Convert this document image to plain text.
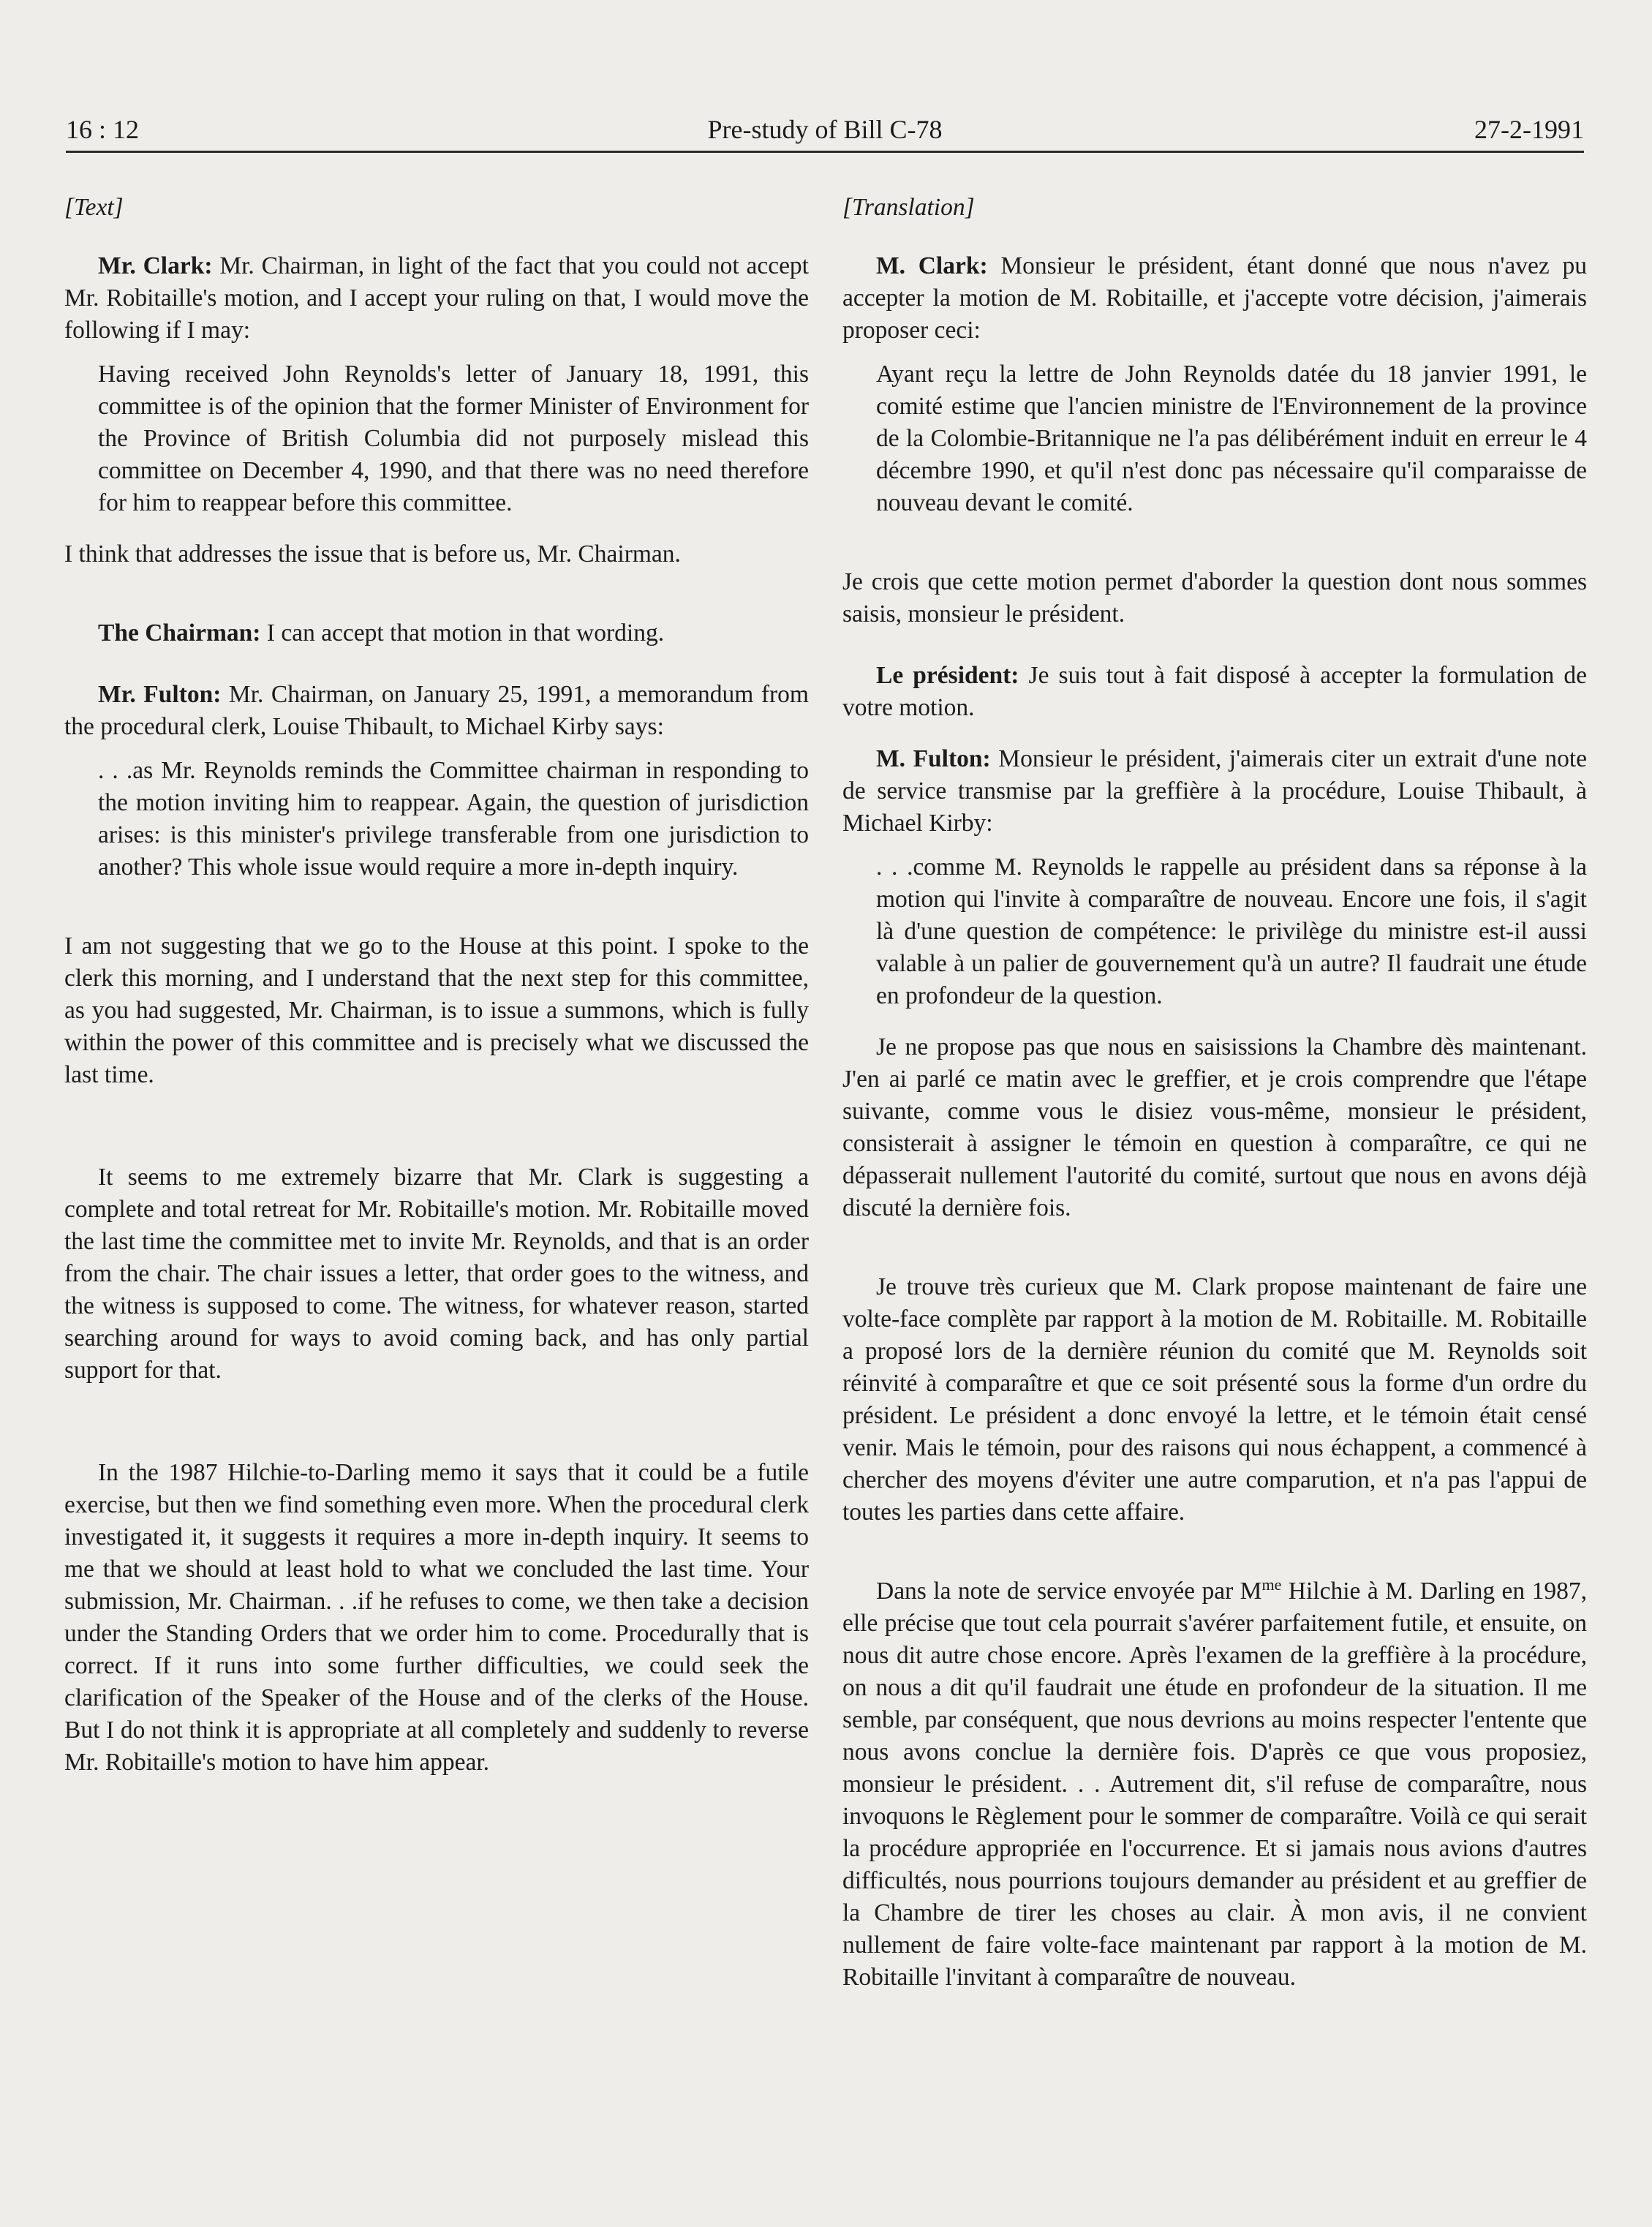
16 : 12	Pre-study of Bill C-78	27-2-1991
[Text]

Mr. Clark: Mr. Chairman, in light of the fact that you could not accept Mr. Robitaille's motion, and I accept your ruling on that, I would move the following if I may:

Having received John Reynolds's letter of January 18, 1991, this committee is of the opinion that the former Minister of Environment for the Province of British Columbia did not purposely mislead this committee on December 4, 1990, and that there was no need therefore for him to reappear before this committee.

I think that addresses the issue that is before us, Mr. Chairman.

The Chairman: I can accept that motion in that wording.

Mr. Fulton: Mr. Chairman, on January 25, 1991, a memorandum from the procedural clerk, Louise Thibault, to Michael Kirby says:

. . .as Mr. Reynolds reminds the Committee chairman in responding to the motion inviting him to reappear. Again, the question of jurisdiction arises: is this minister's privilege transferable from one jurisdiction to another? This whole issue would require a more in-depth inquiry.

I am not suggesting that we go to the House at this point. I spoke to the clerk this morning, and I understand that the next step for this committee, as you had suggested, Mr. Chairman, is to issue a summons, which is fully within the power of this committee and is precisely what we discussed the last time.

It seems to me extremely bizarre that Mr. Clark is suggesting a complete and total retreat for Mr. Robitaille's motion. Mr. Robitaille moved the last time the committee met to invite Mr. Reynolds, and that is an order from the chair. The chair issues a letter, that order goes to the witness, and the witness is supposed to come. The witness, for whatever reason, started searching around for ways to avoid coming back, and has only partial support for that.

In the 1987 Hilchie-to-Darling memo it says that it could be a futile exercise, but then we find something even more. When the procedural clerk investigated it, it suggests it requires a more in-depth inquiry. It seems to me that we should at least hold to what we concluded the last time. Your submission, Mr. Chairman. . .if he refuses to come, we then take a decision under the Standing Orders that we order him to come. Procedurally that is correct. If it runs into some further difficulties, we could seek the clarification of the Speaker of the House and of the clerks of the House. But I do not think it is appropriate at all completely and suddenly to reverse Mr. Robitaille's motion to have him appear.

[Translation]

M. Clark: Monsieur le président, étant donné que nous n'avez pu accepter la motion de M. Robitaille, et j'accepte votre décision, j'aimerais proposer ceci:

Ayant reçu la lettre de John Reynolds datée du 18 janvier 1991, le comité estime que l'ancien ministre de l'Environnement de la province de la Colombie-Britannique ne l'a pas délibérément induit en erreur le 4 décembre 1990, et qu'il n'est donc pas nécessaire qu'il comparaisse de nouveau devant le comité.

Je crois que cette motion permet d'aborder la question dont nous sommes saisis, monsieur le président.

Le président: Je suis tout à fait disposé à accepter la formulation de votre motion.

M. Fulton: Monsieur le président, j'aimerais citer un extrait d'une note de service transmise par la greffière à la procédure, Louise Thibault, à Michael Kirby:

. . .comme M. Reynolds le rappelle au président dans sa réponse à la motion qui l'invite à comparaître de nouveau. Encore une fois, il s'agit là d'une question de compétence: le privilège du ministre est-il aussi valable à un palier de gouvernement qu'à un autre? Il faudrait une étude en profondeur de la question.

Je ne propose pas que nous en saisissions la Chambre dès maintenant. J'en ai parlé ce matin avec le greffier, et je crois comprendre que l'étape suivante, comme vous le disiez vous-même, monsieur le président, consisterait à assigner le témoin en question à comparaître, ce qui ne dépasserait nullement l'autorité du comité, surtout que nous en avons déjà discuté la dernière fois.

Je trouve très curieux que M. Clark propose maintenant de faire une volte-face complète par rapport à la motion de M. Robitaille. M. Robitaille a proposé lors de la dernière réunion du comité que M. Reynolds soit réinvité à comparaître et que ce soit présenté sous la forme d'un ordre du président. Le président a donc envoyé la lettre, et le témoin était censé venir. Mais le témoin, pour des raisons qui nous échappent, a commencé à chercher des moyens d'éviter une autre comparution, et n'a pas l'appui de toutes les parties dans cette affaire.

Dans la note de service envoyée par $M^{me}$ Hilchie à M. Darling en 1987, elle précise que tout cela pourrait s'avérer parfaitement futile, et ensuite, on nous dit autre chose encore. Après l'examen de la greffière à la procédure, on nous a dit qu'il faudrait une étude en profondeur de la situation. Il me semble, par conséquent, que nous devrions au moins respecter l'entente que nous avons conclue la dernière fois. D'après ce que vous proposiez, monsieur le président. . . Autrement dit, s'il refuse de comparaître, nous invoquons le Règlement pour le sommer de comparaître. Voilà ce qui serait la procédure appropriée en l'occurrence. Et si jamais nous avions d'autres difficultés, nous pourrions toujours demander au président et au greffier de la Chambre de tirer les choses au clair. À mon avis, il ne convient nullement de faire volte-face maintenant par rapport à la motion de M. Robitaille l'invitant à comparaître de nouveau.
